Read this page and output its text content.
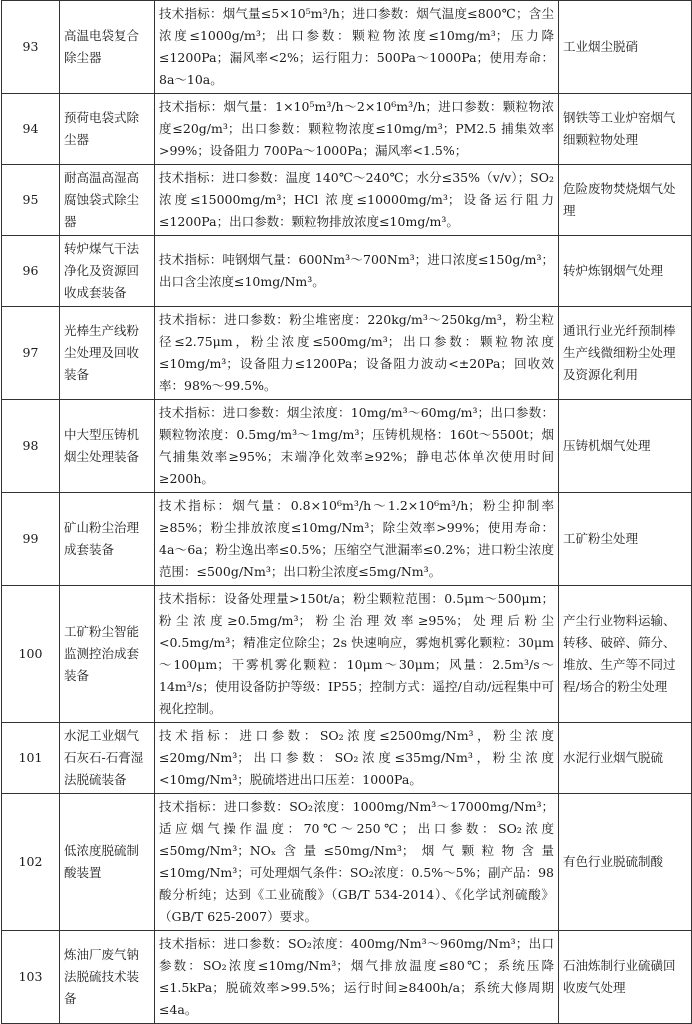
93	高温电袋复合除尘器	技术指标：烟气量≤5×10⁵m³/h；进口参数：烟气温度≤800℃；含尘浓度≤1000g/m³；出口参数：颗粒物浓度≤10mg/m³；压力降≤1200Pa；漏风率<2%；运行阻力：500Pa～1000Pa；使用寿命：8a～10a。	工业烟尘脱硝
94	预荷电袋式除尘器	技术指标：烟气量：1×10⁵m³/h～2×10⁶m³/h；进口参数：颗粒物浓度≤20g/m³；出口参数：颗粒物浓度≤10mg/m³；PM2.5 捕集效率>99%；设备阻力 700Pa～1000Pa；漏风率<1.5%；	钢铁等工业炉窑烟气细颗粒物处理
95	耐高温高湿高腐蚀袋式除尘器	技术指标：进口参数：温度 140℃～240℃；水分≤35%（v/v）；SO₂浓度≤15000mg/m³；HCl 浓度≤10000mg/m³；设备运行阻力≤1200Pa；出口参数：颗粒物排放浓度≤10mg/m³。	危险废物焚烧烟气处理
96	转炉煤气干法净化及资源回收成套装备	技术指标：吨钢烟气量：600Nm³～700Nm³；进口浓度≤150g/m³；出口含尘浓度≤10mg/Nm³。	转炉炼钢烟气处理
97	光棒生产线粉尘处理及回收装备	技术指标：进口参数：粉尘堆密度：220kg/m³～250kg/m³，粉尘粒径≤2.75μm，粉尘浓度≤500mg/m³；出口参数：颗粒物浓度≤10mg/m³；设备阻力≤1200Pa；设备阻力波动<±20Pa；回收效率：98%～99.5%。	通讯行业光纤预制棒生产线微细粉尘处理及资源化利用
98	中大型压铸机烟尘处理装备	技术指标：进口参数：烟尘浓度：10mg/m³～60mg/m³；出口参数：颗粒物浓度：0.5mg/m³～1mg/m³；压铸机规格：160t～5500t；烟气捕集效率≥95%；末端净化效率≥92%；静电芯体单次使用时间≥200h。	压铸机烟气处理
99	矿山粉尘治理成套装备	技术指标：烟气量：0.8×10⁶m³/h～1.2×10⁶m³/h；粉尘抑制率≥85%；粉尘排放浓度≤10mg/Nm³；除尘效率>99%；使用寿命：4a～6a；粉尘逸出率≤0.5%；压缩空气泄漏率≤0.2%；进口粉尘浓度范围：≤500g/Nm³；出口粉尘浓度≤5mg/Nm³。	工矿粉尘处理
100	工矿粉尘智能监测控治成套装备	技术指标：设备处理量>150t/a；粉尘颗粒范围：0.5μm～500μm；粉尘浓度≥0.5mg/m³；粉尘治理效率≥95%；处理后粉尘<0.5mg/m³；精准定位除尘；2s 快速响应，雾炮机雾化颗粒：30μm～100μm；干雾机雾化颗粒：10μm～30μm；风量：2.5m³/s～14m³/s；使用设备防护等级：IP55；控制方式：遥控/自动/远程集中可视化控制。	产尘行业物料运输、转移、破碎、筛分、堆放、生产等不同过程/场合的粉尘处理
101	水泥工业烟气石灰石-石膏湿法脱硫装备	技术指标：进口参数：SO₂浓度≤2500mg/Nm³，粉尘浓度≤20mg/Nm³；出口参数：SO₂浓度≤35mg/Nm³，粉尘浓度<10mg/Nm³；脱硫塔进出口压差：1000Pa。	水泥行业烟气脱硫
102	低浓度脱硫制酸装置	技术指标：进口参数：SO₂浓度：1000mg/Nm³～17000mg/Nm³；适应烟气操作温度：70℃～250℃；出口参数：SO₂浓度≤50mg/Nm³；NOₓ含量≤50mg/Nm³；烟气颗粒物含量≤10mg/Nm³；可处理烟气条件：SO₂浓度：0.5%～5%；副产品：98 酸分析纯；达到《工业硫酸》（GB/T 534-2014）、《化学试剂硫酸》（GB/T 625-2007）要求。	有色行业脱硫制酸
103	炼油厂废气钠法脱硫技术装备	技术指标：进口参数：SO₂浓度：400mg/Nm³～960mg/Nm³；出口参数：SO₂浓度≤10mg/Nm³；烟气排放温度≤80℃；系统压降≤1.5kPa；脱硫效率>99.5%；运行时间≥8400h/a；系统大修周期≤4a。	石油炼制行业硫磺回收废气处理
